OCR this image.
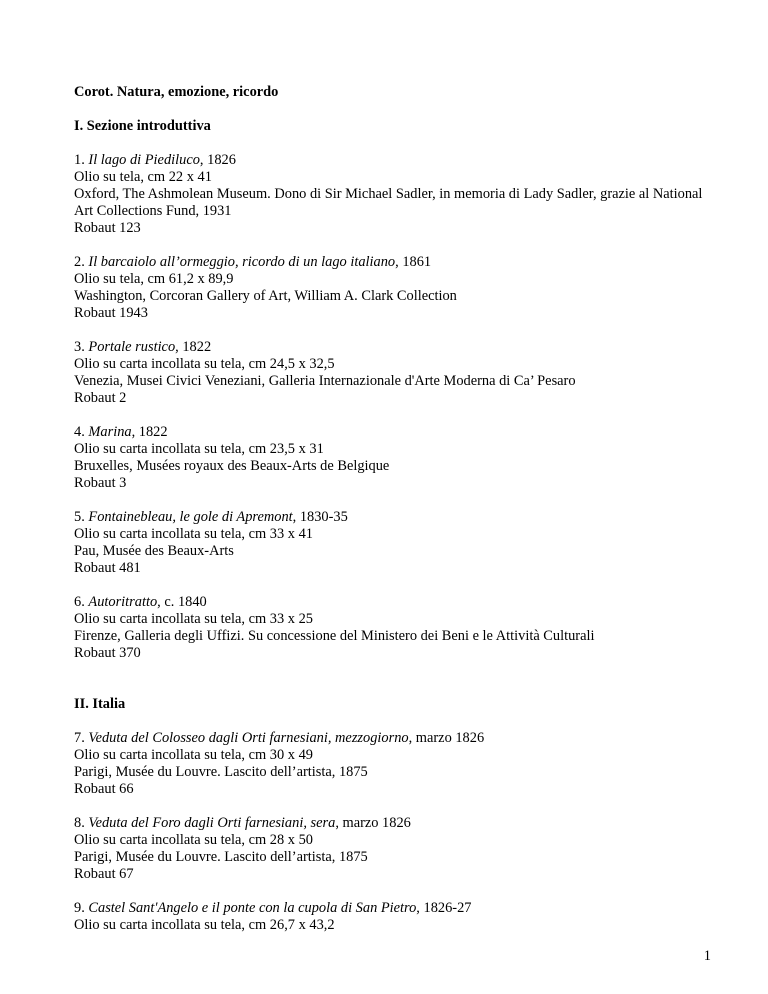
Corot. Natura, emozione, ricordo
I. Sezione introduttiva
1. Il lago di Piediluco, 1826
Olio su tela, cm 22 x 41
Oxford, The Ashmolean Museum. Dono di Sir Michael Sadler, in memoria di Lady Sadler, grazie al National Art Collections Fund, 1931
Robaut 123
2. Il barcaiolo all’ormeggio, ricordo di un lago italiano, 1861
Olio su tela, cm 61,2 x 89,9
Washington, Corcoran Gallery of Art, William A. Clark Collection
Robaut 1943
3. Portale rustico, 1822
Olio su carta incollata su tela, cm 24,5 x 32,5
Venezia, Musei Civici Veneziani, Galleria Internazionale d'Arte Moderna di Ca’ Pesaro
Robaut 2
4. Marina, 1822
Olio su carta incollata su tela, cm 23,5 x 31
Bruxelles, Musées royaux des Beaux-Arts de Belgique
Robaut 3
5. Fontainebleau, le gole di Apremont, 1830-35
Olio su carta incollata su tela, cm 33 x 41
Pau, Musée des Beaux-Arts
Robaut 481
6. Autoritratto, c. 1840
Olio su carta incollata su tela, cm 33 x 25
Firenze, Galleria degli Uffizi. Su concessione del Ministero dei Beni e le Attività Culturali
Robaut 370
II. Italia
7. Veduta del Colosseo dagli Orti farnesiani, mezzogiorno, marzo 1826
Olio su carta incollata su tela, cm 30 x 49
Parigi, Musée du Louvre. Lascito dell’artista, 1875
Robaut 66
8. Veduta del Foro dagli Orti farnesiani, sera, marzo 1826
Olio su carta incollata su tela, cm 28 x 50
Parigi, Musée du Louvre. Lascito dell’artista, 1875
Robaut 67
9. Castel Sant'Angelo e il ponte con la cupola di San Pietro, 1826-27
Olio su carta incollata su tela, cm 26,7 x 43,2
1
